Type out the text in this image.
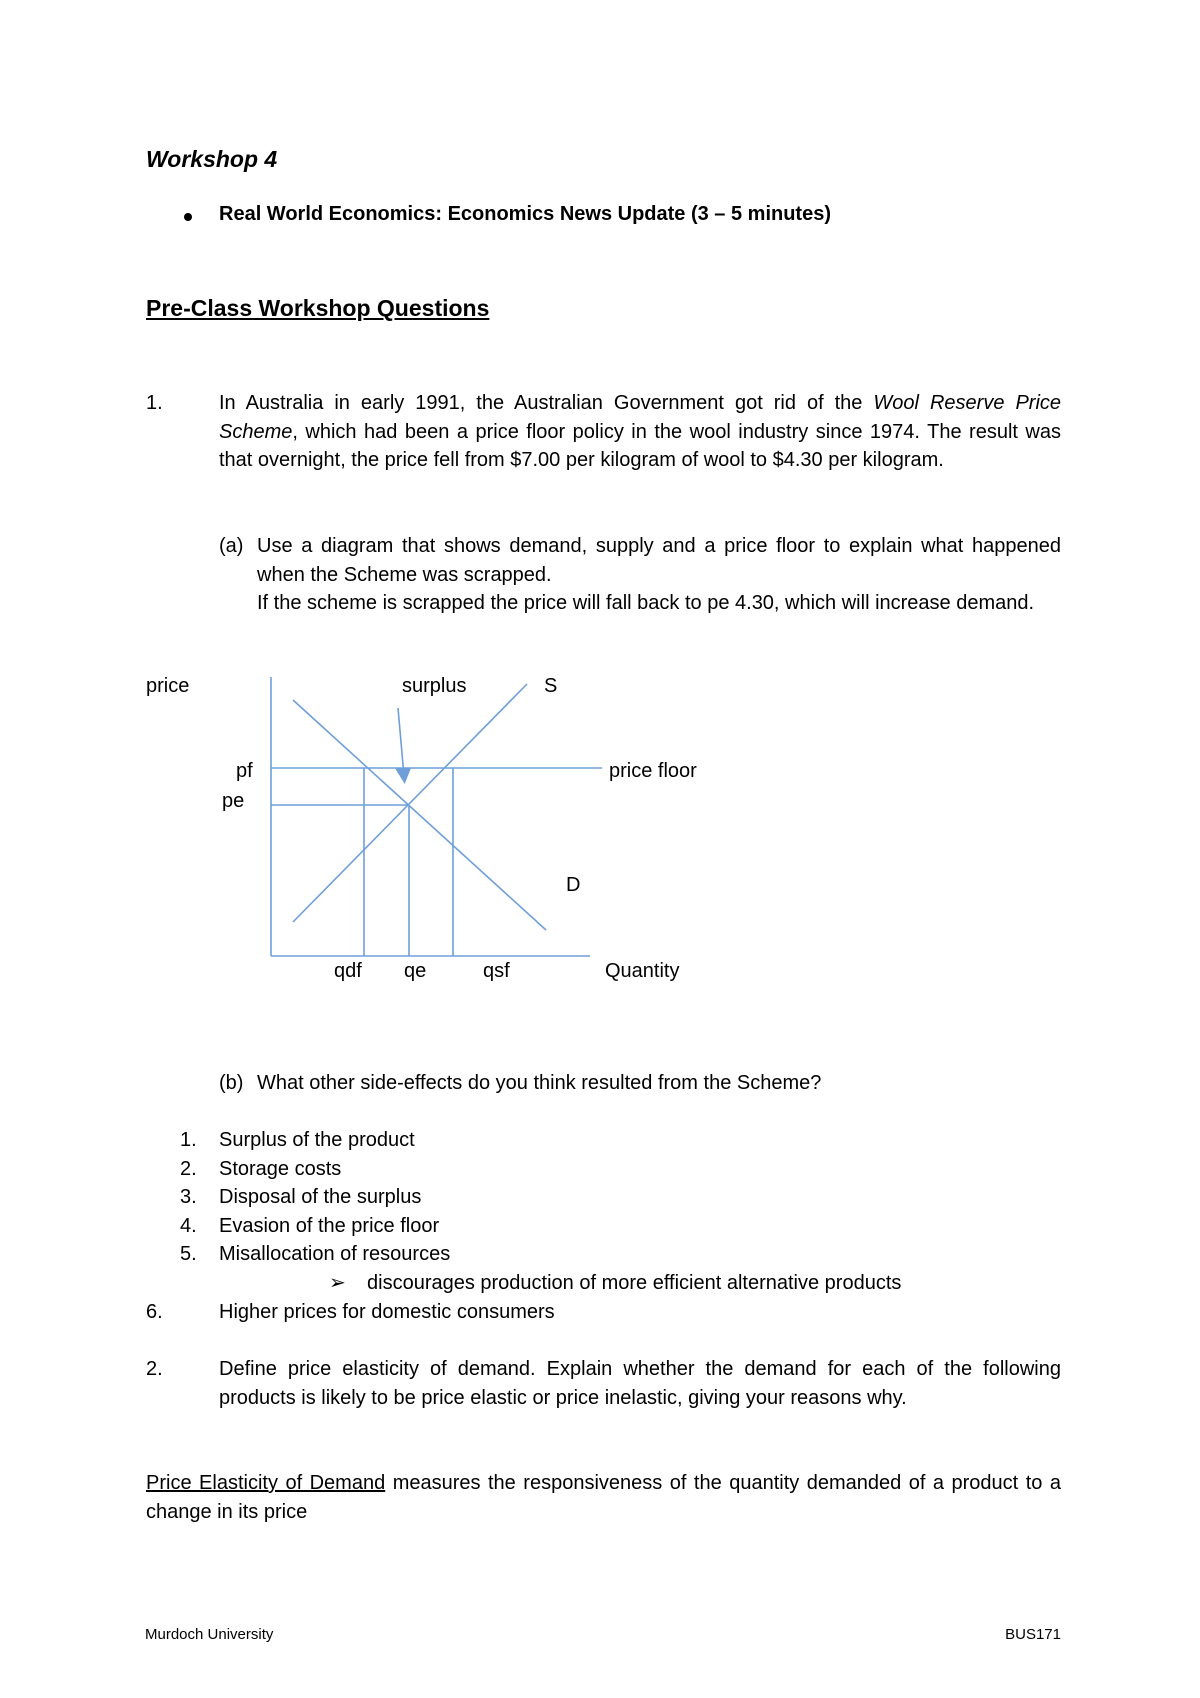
Workshop 4
Real World Economics: Economics News Update (3 – 5 minutes)
Pre-Class Workshop Questions
1.	In Australia in early 1991, the Australian Government got rid of the Wool Reserve Price Scheme, which had been a price floor policy in the wool industry since 1974. The result was that overnight, the price fell from $7.00 per kilogram of wool to $4.30 per kilogram.
(a) Use a diagram that shows demand, supply and a price floor to explain what happened when the Scheme was scrapped.
If the scheme is scrapped the price will fall back to pe 4.30, which will increase demand.
price	surplus	S
pf
pe
price floor
D
qdf qe	qsf	Quantity
(b) What other side-effects do you think resulted from the Scheme?
1. Surplus of the product
2. Storage costs
3. Disposal of the surplus
4. Evasion of the price floor
5. Misallocation of resources
➢ discourages production of more efficient alternative products
6.	Higher prices for domestic consumers
2.	Define price elasticity of demand. Explain whether the demand for each of the following products is likely to be price elastic or price inelastic, giving your reasons why.
Price Elasticity of Demand measures the responsiveness of the quantity demanded of a product to a change in its price
Murdoch University	BUS171
